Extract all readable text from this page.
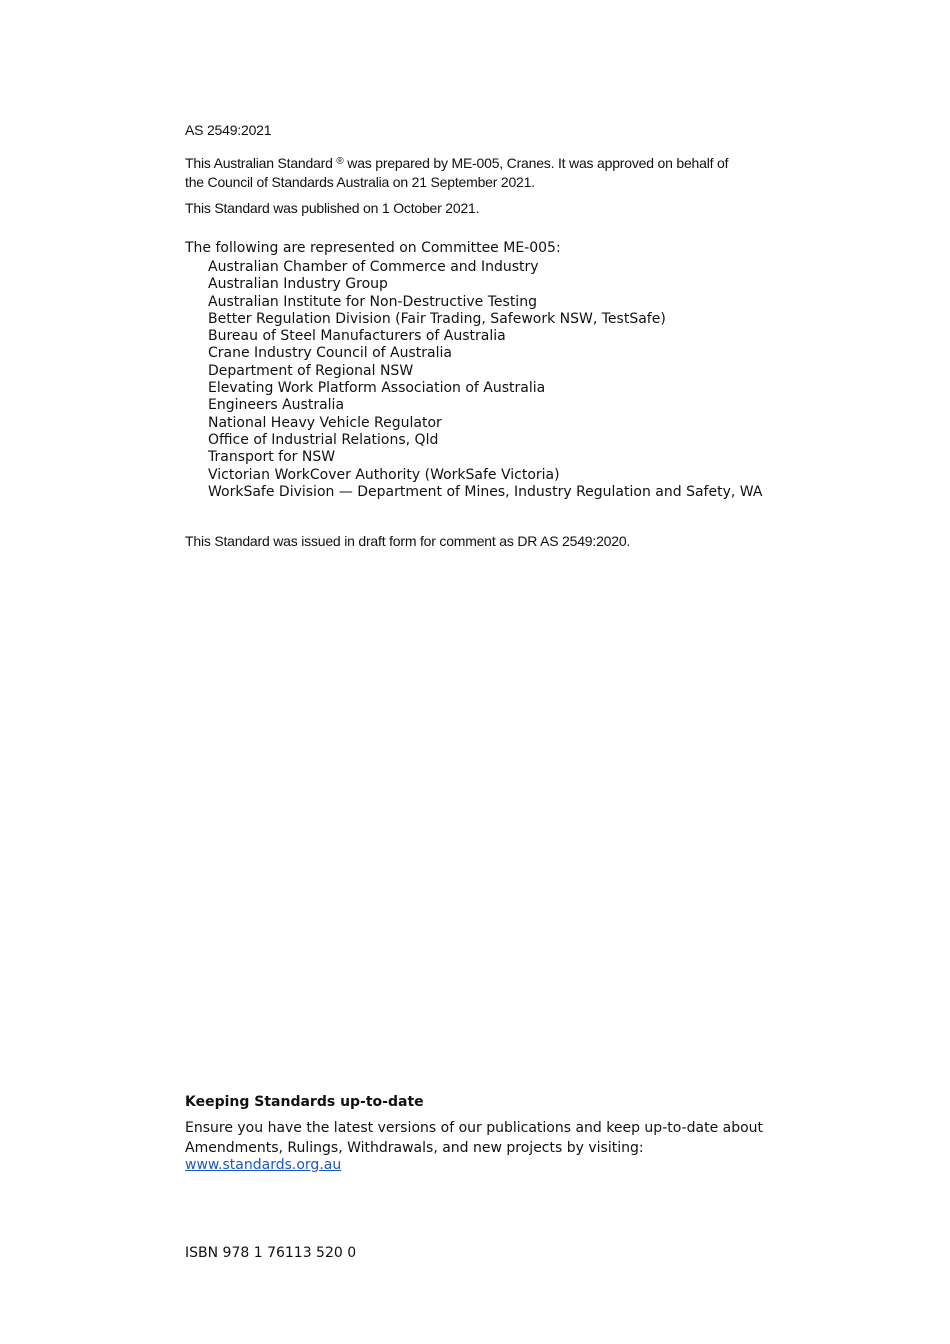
AS 2549:2021
This Australian Standard ® was prepared by ME-005, Cranes. It was approved on behalf of
the Council of Standards Australia on 21 September 2021.
This Standard was published on 1 October 2021.
The following are represented on Committee ME-005:
Australian Chamber of Commerce and Industry
Australian Industry Group
Australian Institute for Non-Destructive Testing
Better Regulation Division (Fair Trading, Safework NSW, TestSafe)
Bureau of Steel Manufacturers of Australia
Crane Industry Council of Australia
Department of Regional NSW
Elevating Work Platform Association of Australia
Engineers Australia
National Heavy Vehicle Regulator
Office of Industrial Relations, Qld
Transport for NSW
Victorian WorkCover Authority (WorkSafe Victoria)
WorkSafe Division — Department of Mines, Industry Regulation and Safety, WA
This Standard was issued in draft form for comment as DR AS 2549:2020.
Keeping Standards up-to-date
Ensure you have the latest versions of our publications and keep up-to-date about
Amendments, Rulings, Withdrawals, and new projects by visiting:
www.standards.org.au
ISBN 978 1 76113 520 0
